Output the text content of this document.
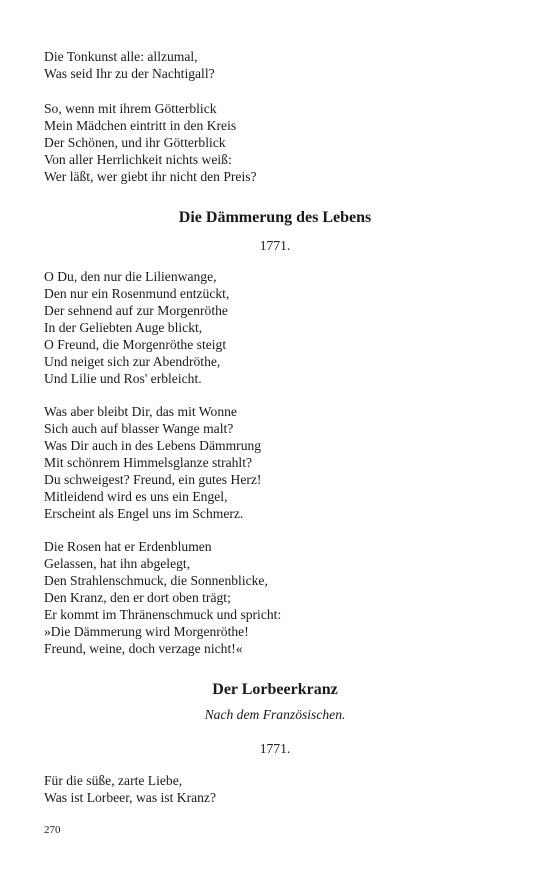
Die Tonkunst alle: allzumal,
Was seid Ihr zu der Nachtigall?
So, wenn mit ihrem Götterblick
Mein Mädchen eintritt in den Kreis
Der Schönen, und ihr Götterblick
Von aller Herrlichkeit nichts weiß:
Wer läßt, wer giebt ihr nicht den Preis?
Die Dämmerung des Lebens
1771.
O Du, den nur die Lilienwange,
Den nur ein Rosenmund entzückt,
Der sehnend auf zur Morgenröthe
In der Geliebten Auge blickt,
O Freund, die Morgenröthe steigt
Und neiget sich zur Abendröthe,
Und Lilie und Ros' erbleicht.
Was aber bleibt Dir, das mit Wonne
Sich auch auf blasser Wange malt?
Was Dir auch in des Lebens Dämmrung
Mit schönrem Himmelsglanze strahlt?
Du schweigest? Freund, ein gutes Herz!
Mitleidend wird es uns ein Engel,
Erscheint als Engel uns im Schmerz.
Die Rosen hat er Erdenblumen
Gelassen, hat ihn abgelegt,
Den Strahlenschmuck, die Sonnenblicke,
Den Kranz, den er dort oben trägt;
Er kommt im Thränenschmuck und spricht:
»Die Dämmerung wird Morgenröthe!
Freund, weine, doch verzage nicht!«
Der Lorbeerkranz
Nach dem Französischen.
1771.
Für die süße, zarte Liebe,
Was ist Lorbeer, was ist Kranz?
270
